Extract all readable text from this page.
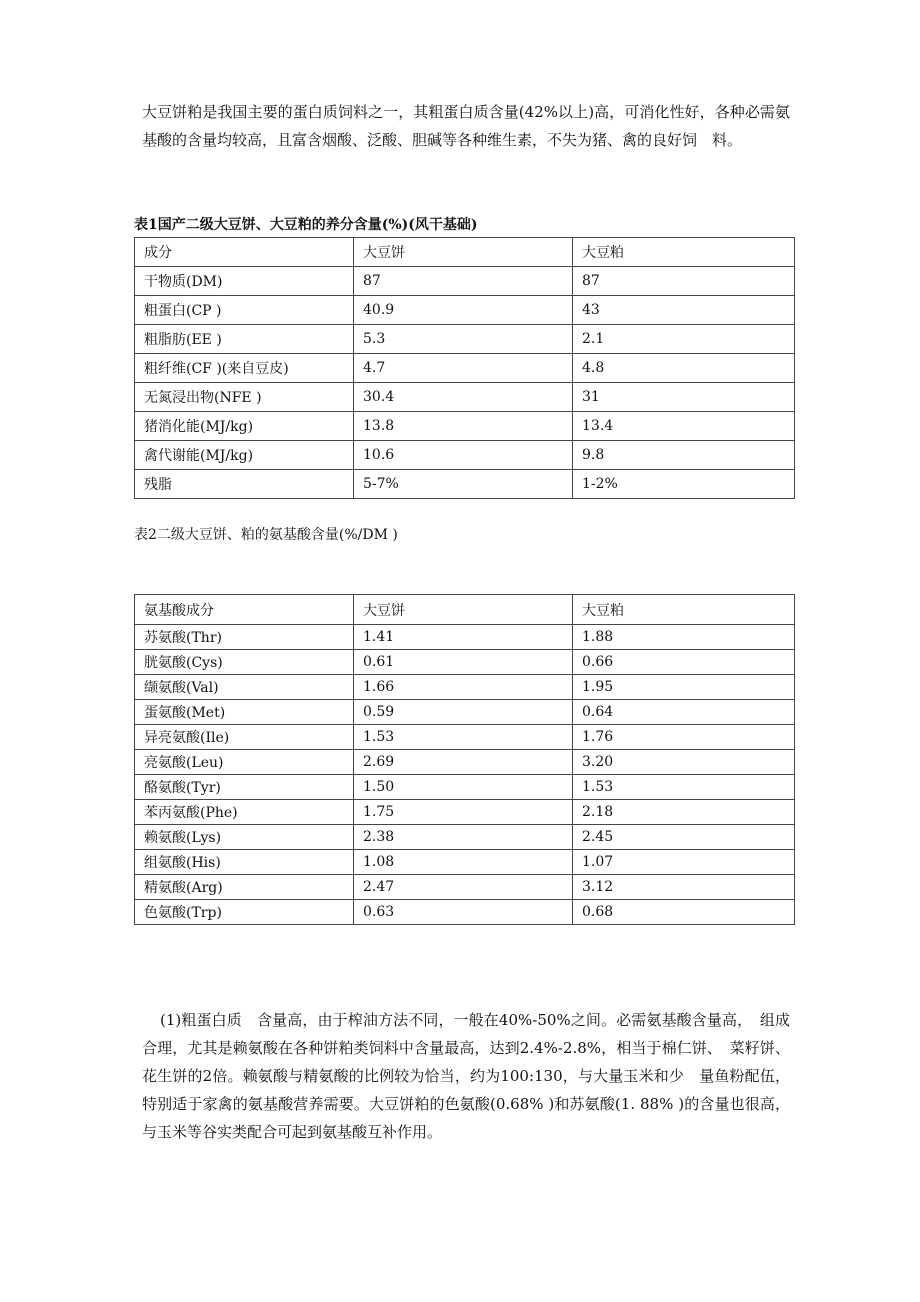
大豆饼粕是我国主要的蛋白质饲料之一，其粗蛋白质含量(42%以上)高，可消化性好，各种必需氨基酸的含量均较高，且富含烟酸、泛酸、胆碱等各种维生素，不失为猪、禽的良好饲　料。

表1国产二级大豆饼、大豆粕的养分含量(%)(风干基础)

成分	大豆饼	大豆粕
干物质(DM)	87	87
粗蛋白(CP )	40.9	43
粗脂肪(EE )	5.3	2.1
粗纤维(CF )(来自豆皮)	4.7	4.8
无氮浸出物(NFE )	30.4	31
猪消化能(MJ/kg)	13.8	13.4
禽代谢能(MJ/kg)	10.6	9.8
残脂	5-7%	1-2%

表2二级大豆饼、粕的氨基酸含量(%/DM )

氨基酸成分	大豆饼	大豆粕
苏氨酸(Thr)	1.41	1.88
胱氨酸(Cys)	0.61	0.66
缬氨酸(Val)	1.66	1.95
蛋氨酸(Met)	0.59	0.64
异亮氨酸(Ile)	1.53	1.76
亮氨酸(Leu)	2.69	3.20
酪氨酸(Tyr)	1.50	1.53
苯丙氨酸(Phe)	1.75	2.18
赖氨酸(Lys)	2.38	2.45
组氨酸(His)	1.08	1.07
精氨酸(Arg)	2.47	3.12
色氨酸(Trp)	0.63	0.68

(1)粗蛋白质　含量高，由于榨油方法不同，一般在40%-50%之间。必需氨基酸含量高，　组成合理，尤其是赖氨酸在各种饼粕类饲料中含量最高，达到2.4%-2.8%，相当于棉仁饼、　菜籽饼、花生饼的2倍。赖氨酸与精氨酸的比例较为恰当，约为100:130，与大量玉米和少　量鱼粉配伍，特别适于家禽的氨基酸营养需要。大豆饼粕的色氨酸(0.68% )和苏氨酸(1. 88% )的含量也很高，与玉米等谷实类配合可起到氨基酸互补作用。
